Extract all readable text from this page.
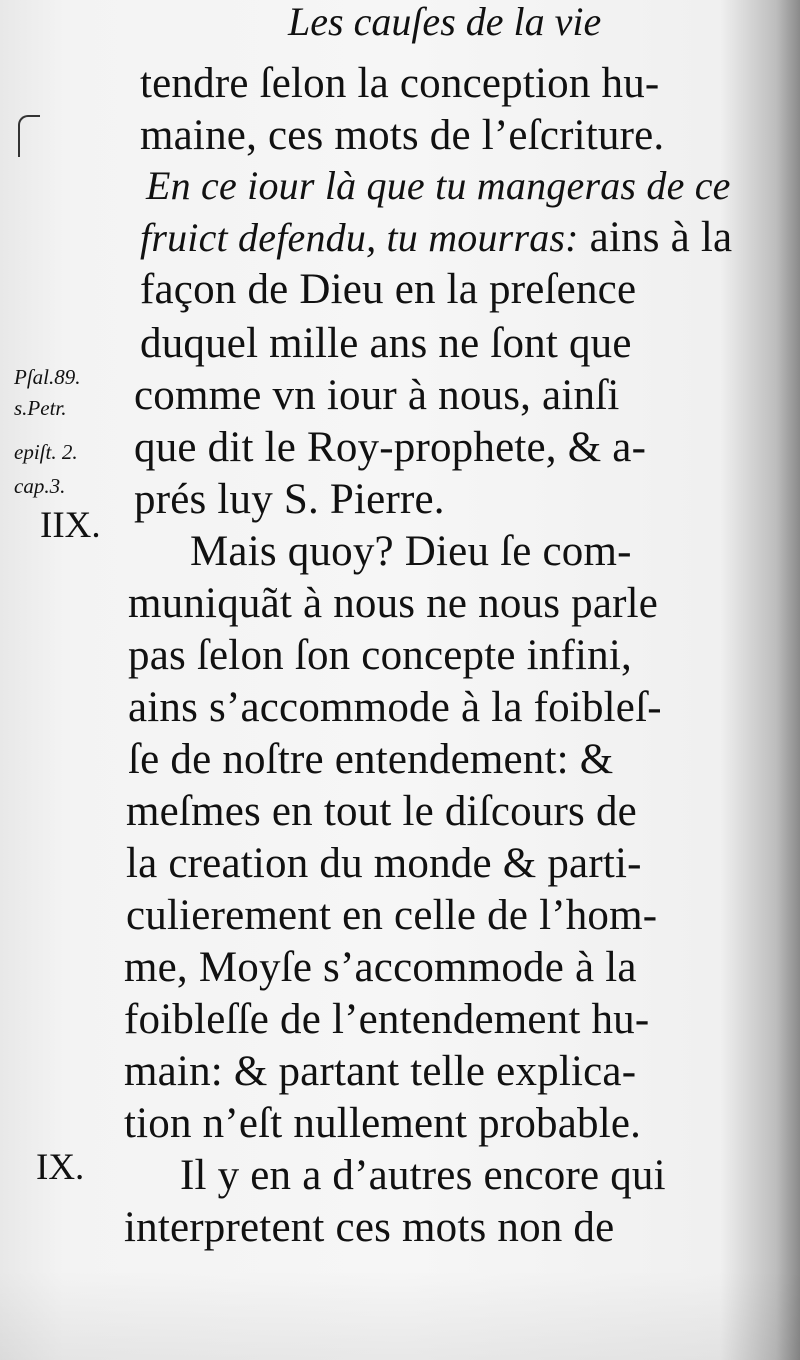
Les cauſes de la vie
tendre ſelon la conception hu-
maine, ces mots de l’eſcriture.
En ce iour là que tu mangeras de ce
fruict defendu, tu mourras: ains à la
façon de Dieu en la preſence
duquel mille ans ne ſont que
comme vn iour à nous, ainſi
que dit le Roy-prophete, & a-
prés luy S. Pierre.
Mais quoy? Dieu ſe com-
muniquãt à nous ne nous parle
pas ſelon ſon concepte infini,
ains s’accommode à la foibleſ-
ſe de noſtre entendement: &
meſmes en tout le diſcours de
la creation du monde & parti-
culierement en celle de l’hom-
me, Moyſe s’accommode à la
foibleſſe de l’entendement hu-
main: & partant telle explica-
tion n’eſt nullement probable.
Il y en a d’autres encore qui
interpretent ces mots non de
Pſal.89.
s.Petr.
epiſt. 2.
cap.3.
IIX.
IX.
